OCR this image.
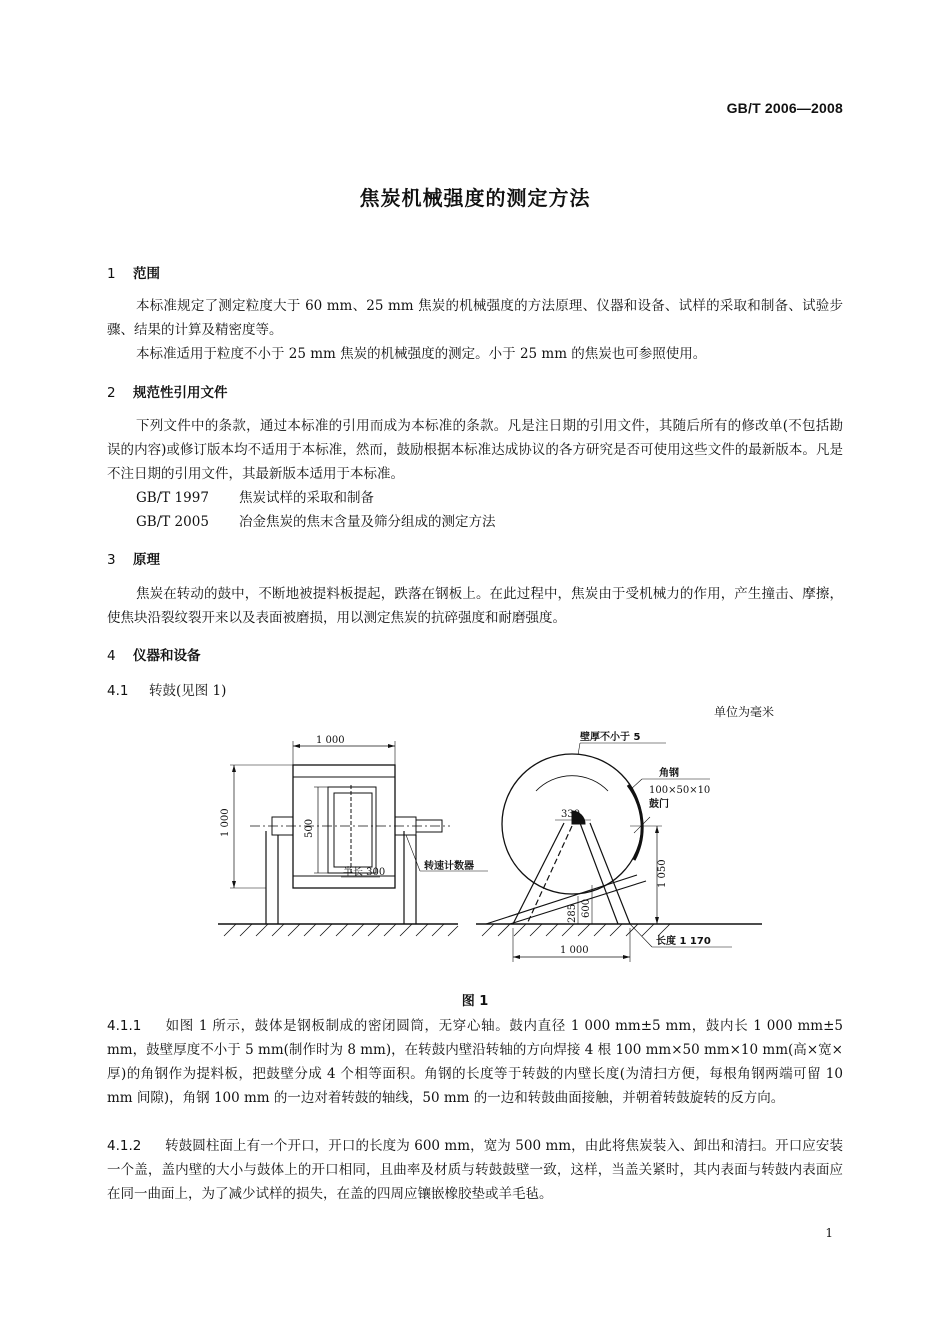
GB/T 2006—2008
焦炭机械强度的测定方法
1 范围
本标准规定了测定粒度大于 60 mm、25 mm 焦炭的机械强度的方法原理、仪器和设备、试样的采取和制备、试验步骤、结果的计算及精密度等。
本标准适用于粒度不小于 25 mm 焦炭的机械强度的测定。小于 25 mm 的焦炭也可参照使用。
2 规范性引用文件
下列文件中的条款，通过本标准的引用而成为本标准的条款。凡是注日期的引用文件，其随后所有的修改单(不包括勘误的内容)或修订版本均不适用于本标准，然而，鼓励根据本标准达成协议的各方研究是否可使用这些文件的最新版本。凡是不注日期的引用文件，其最新版本适用于本标准。
GB/T 1997 焦炭试样的采取和制备
GB/T 2005 冶金焦炭的焦末含量及筛分组成的测定方法
3 原理
焦炭在转动的鼓中，不断地被提料板提起，跌落在钢板上。在此过程中，焦炭由于受机械力的作用，产生撞击、摩擦，使焦块沿裂纹裂开来以及表面被磨损，用以测定焦炭的抗碎强度和耐磨强度。
4 仪器和设备
4.1 转鼓(见图 1)
单位为毫米
1 000
1 000	500
半长 300
转速计数器
壁厚不小于 5
角钢
100×50×10
鼓门
330
1 050
285 600
1 000
长度 1 170
图 1
4.1.1 如图 1 所示，鼓体是钢板制成的密闭圆筒，无穿心轴。鼓内直径 1 000 mm±5 mm，鼓内长 1 000 mm±5 mm，鼓壁厚度不小于 5 mm(制作时为 8 mm)，在转鼓内壁沿转轴的方向焊接 4 根 100 mm×50 mm×10 mm(高×宽×厚)的角钢作为提料板，把鼓壁分成 4 个相等面积。角钢的长度等于转鼓的内壁长度(为清扫方便，每根角钢两端可留 10 mm 间隙)，角钢 100 mm 的一边对着转鼓的轴线，50 mm 的一边和转鼓曲面接触，并朝着转鼓旋转的反方向。
4.1.2 转鼓圆柱面上有一个开口，开口的长度为 600 mm，宽为 500 mm，由此将焦炭装入、卸出和清扫。开口应安装一个盖，盖内壁的大小与鼓体上的开口相同，且曲率及材质与转鼓鼓壁一致，这样，当盖关紧时，其内表面与转鼓内表面应在同一曲面上，为了减少试样的损失，在盖的四周应镶嵌橡胶垫或羊毛毡。
1
